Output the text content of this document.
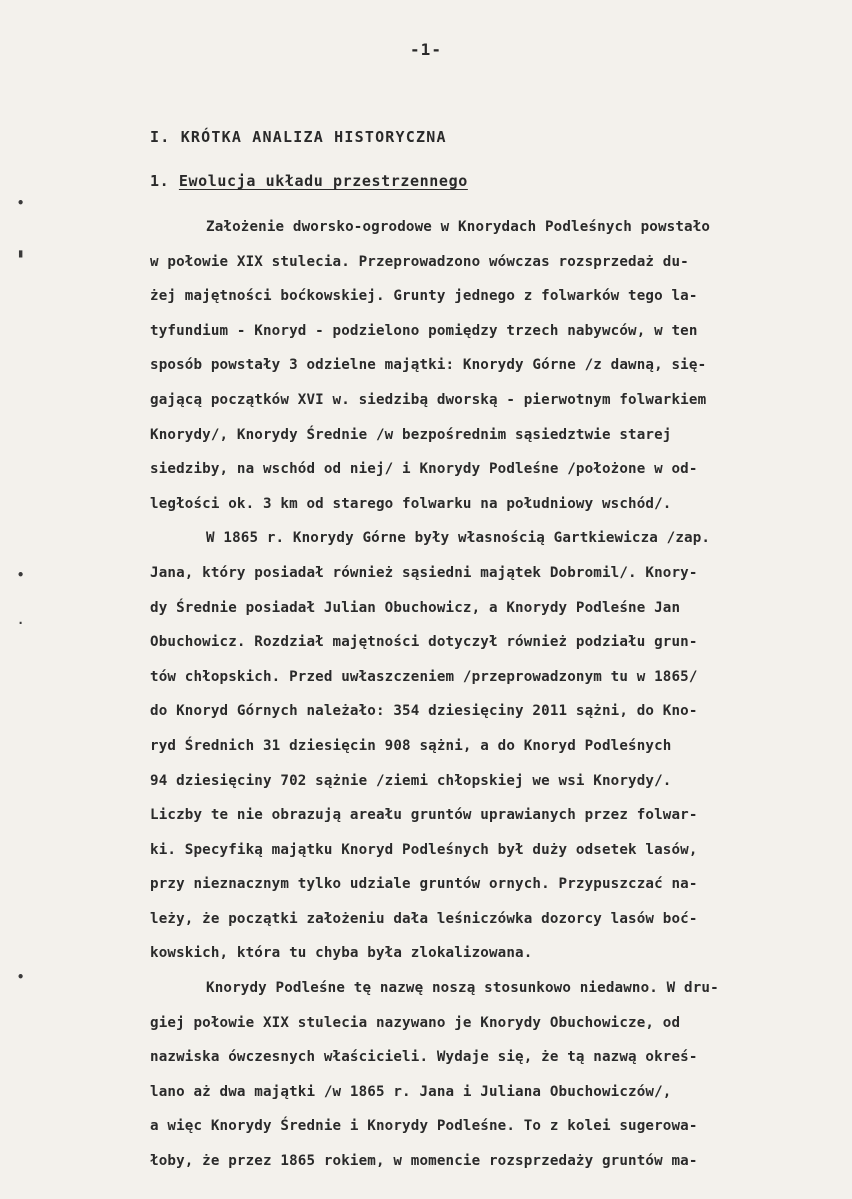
-1-
I. KRÓTKA ANALIZA HISTORYCZNA
1. Ewolucja układu przestrzennego
Założenie dworsko-ogrodowe w Knorydach Podleśnych powstało
w połowie XIX stulecia. Przeprowadzono wówczas rozsprzedaż du-
żej majętności boćkowskiej. Grunty jednego z folwarków tego la-
tyfundium - Knoryd - podzielono pomiędzy trzech nabywców, w ten
sposób powstały 3 odzielne majątki: Knorydy Górne /z dawną, się-
gającą początków XVI w. siedzibą dworską - pierwotnym folwarkiem
Knorydy/, Knorydy Średnie /w bezpośrednim sąsiedztwie starej
siedziby, na wschód od niej/ i Knorydy Podleśne /położone w od-
ległości ok. 3 km od starego folwarku na południowy wschód/.
W 1865 r. Knorydy Górne były własnością Gartkiewicza /zap.
Jana, który posiadał również sąsiedni majątek Dobromil/. Knory-
dy Średnie posiadał Julian Obuchowicz, a Knorydy Podleśne Jan
Obuchowicz. Rozdział majętności dotyczył również podziału grun-
tów chłopskich. Przed uwłaszczeniem /przeprowadzonym tu w 1865/
do Knoryd Górnych należało: 354 dziesięciny 2011 sążni, do Kno-
ryd Średnich 31 dziesięcin 908 sążni, a do Knoryd Podleśnych
94 dziesięciny 702 sążnie /ziemi chłopskiej we wsi Knorydy/.
Liczby te nie obrazują areału gruntów uprawianych przez folwar-
ki. Specyfiką majątku Knoryd Podleśnych był duży odsetek lasów,
przy nieznacznym tylko udziale gruntów ornych. Przypuszczać na-
leży, że początki założeniu dała leśniczówka dozorcy lasów boć-
kowskich, która tu chyba była zlokalizowana.
Knorydy Podleśne tę nazwę noszą stosunkowo niedawno. W dru-
giej połowie XIX stulecia nazywano je Knorydy Obuchowicze, od
nazwiska ówczesnych właścicieli. Wydaje się, że tą nazwą okreś-
lano aż dwa majątki /w 1865 r. Jana i Juliana Obuchowiczów/,
a więc Knorydy Średnie i Knorydy Podleśne. To z kolei sugerowa-
łoby, że przez 1865 rokiem, w momencie rozsprzedaży gruntów ma-
•
▮
•
·
•
